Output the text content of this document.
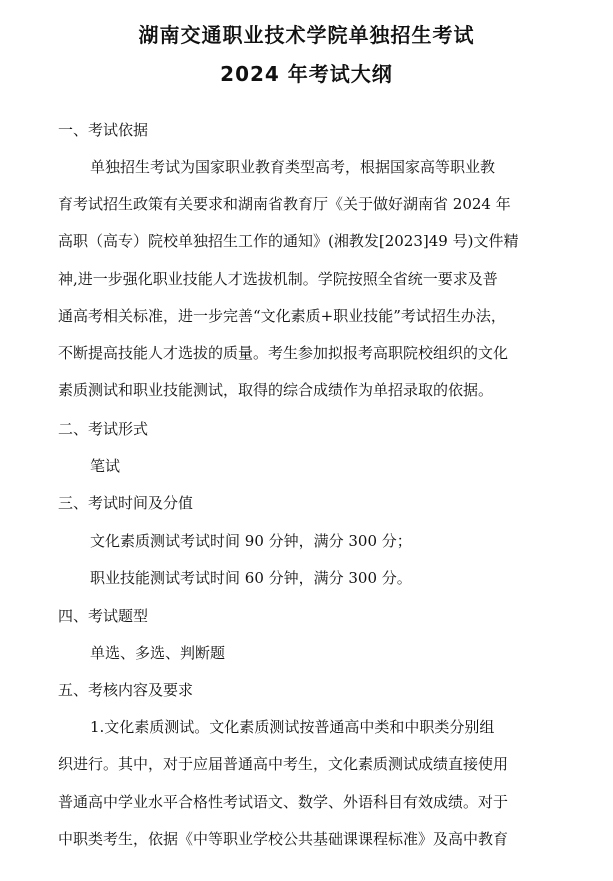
湖南交通职业技术学院单独招生考试
2024 年考试大纲
一、考试依据
单独招生考试为国家职业教育类型高考，根据国家高等职业教
育考试招生政策有关要求和湖南省教育厅《关于做好湖南省 2024 年
高职（高专）院校单独招生工作的通知》(湘教发[2023]49 号)文件精
神,进一步强化职业技能人才选拔机制。学院按照全省统一要求及普
通高考相关标准，进一步完善“文化素质+职业技能”考试招生办法，
不断提高技能人才选拔的质量。考生参加拟报考高职院校组织的文化
素质测试和职业技能测试，取得的综合成绩作为单招录取的依据。
二、考试形式
笔试
三、考试时间及分值
文化素质测试考试时间 90 分钟，满分 300 分；
职业技能测试考试时间 60 分钟，满分 300 分。
四、考试题型
单选、多选、判断题
五、考核内容及要求
1.文化素质测试。文化素质测试按普通高中类和中职类分别组
织进行。其中，对于应届普通高中考生，文化素质测试成绩直接使用
普通高中学业水平合格性考试语文、数学、外语科目有效成绩。对于
中职类考生，依据《中等职业学校公共基础课课程标准》及高中教育
